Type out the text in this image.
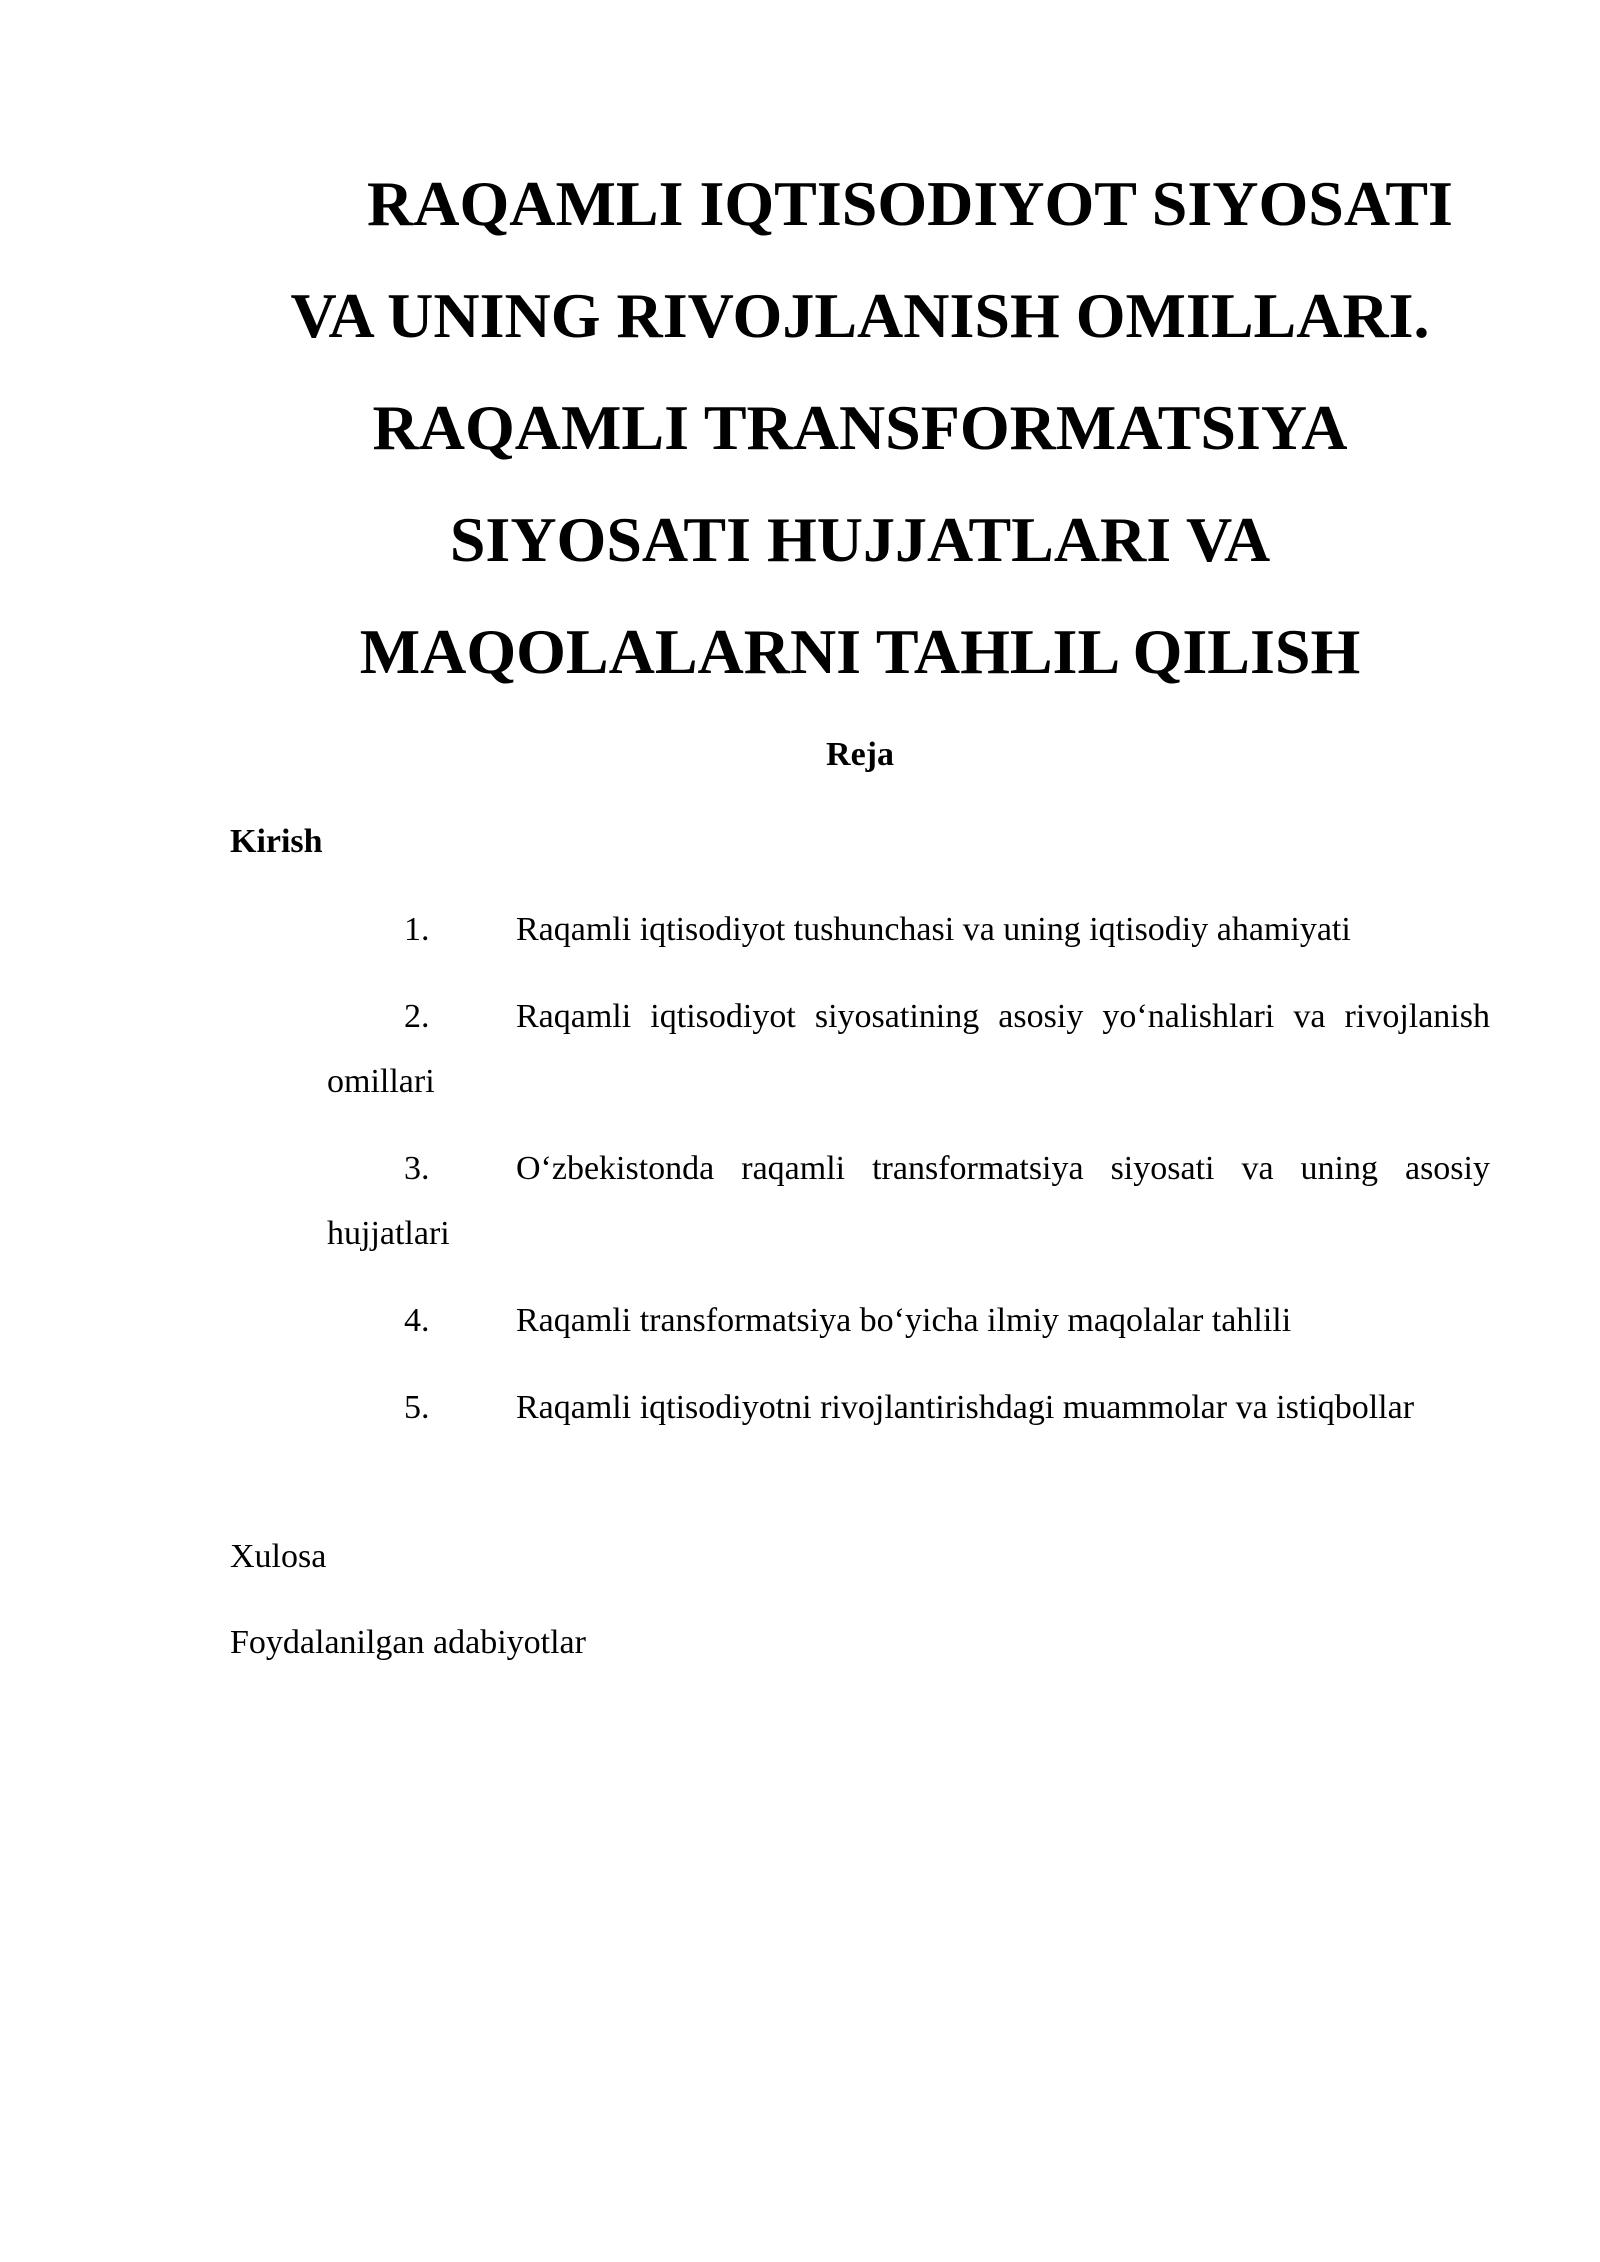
RAQAMLI IQTISODIYOT SIYOSATI
VA UNING RIVOJLANISH OMILLARI.
RAQAMLI TRANSFORMATSIYA
SIYOSATI HUJJATLARI VA
MAQOLALARNI TAHLIL QILISH
Reja
Kirish
1.	Raqamli iqtisodiyot tushunchasi va uning iqtisodiy ahamiyati
2.	Raqamli iqtisodiyot siyosatining asosiy yo‘nalishlari va rivojlanish omillari
3.	O‘zbekistonda raqamli transformatsiya siyosati va uning asosiy hujjatlari
4.	Raqamli transformatsiya bo‘yicha ilmiy maqolalar tahlili
5.	Raqamli iqtisodiyotni rivojlantirishdagi muammolar va istiqbollar
Xulosa
Foydalanilgan adabiyotlar
